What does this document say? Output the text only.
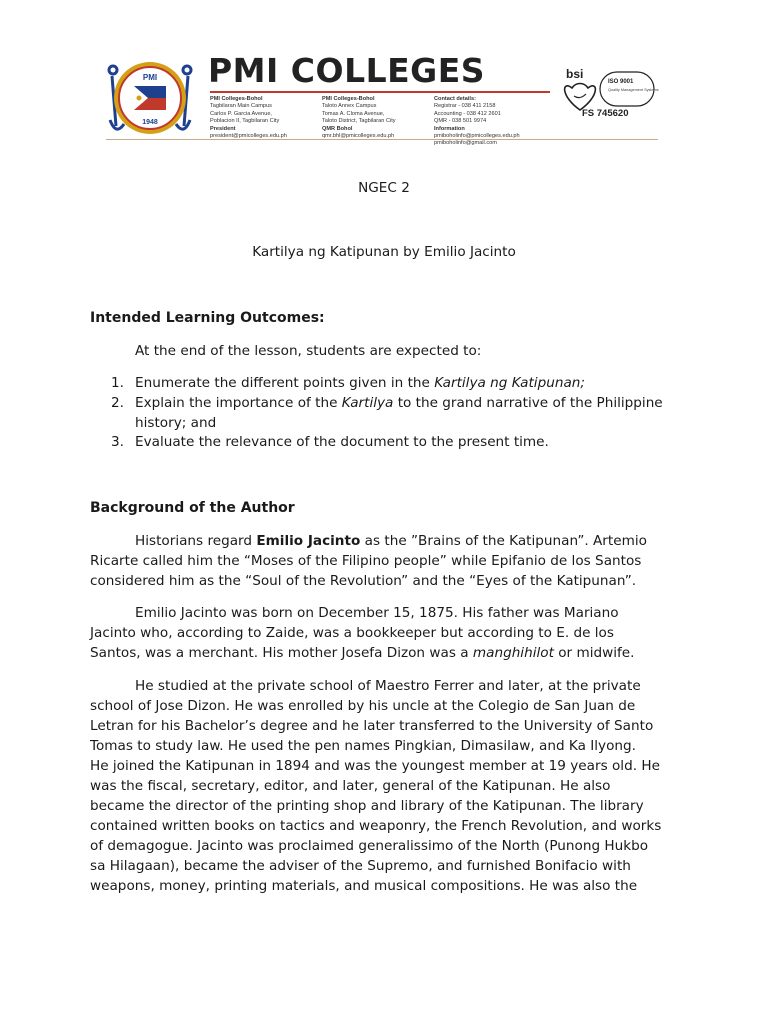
PMI
1948
PMI COLLEGES
PMI Colleges-Bohol
Tagbilaran Main Campus
Carlos P. Garcia Avenue,
Poblacion II, Tagbilaran City
President
president@pmicolleges.edu.ph
PMI Colleges-Bohol
Taloto Annex Campus
Tomas A. Cloma Avenue,
Taloto District, Tagbilaran City
QMR Bohol
qmr.bhl@pmicolleges.edu.ph
Contact details:
Registrar - 038 411 2158
Accounting - 038 412 2601
QMR - 038 501 9974
Information
pmiboholinfo@pmicolleges.edu.ph
pmiboholinfo@gmail.com
bsi
ISO 9001
Quality Management Systems
FS 745620
NGEC 2
Kartilya ng Katipunan by Emilio Jacinto
Intended Learning Outcomes:
At the end of the lesson, students are expected to:
1. Enumerate the different points given in the Kartilya ng Katipunan;
2. Explain the importance of the Kartilya to the grand narrative of the Philippine
history; and
3. Evaluate the relevance of the document to the present time.
Background of the Author
Historians regard Emilio Jacinto as the ”Brains of the Katipunan”. Artemio
Ricarte called him the “Moses of the Filipino people” while Epifanio de los Santos
considered him as the “Soul of the Revolution” and the “Eyes of the Katipunan”.
Emilio Jacinto was born on December 15, 1875. His father was Mariano
Jacinto who, according to Zaide, was a bookkeeper but according to E. de los
Santos, was a merchant. His mother Josefa Dizon was a manghihilot or midwife.
He studied at the private school of Maestro Ferrer and later, at the private
school of Jose Dizon. He was enrolled by his uncle at the Colegio de San Juan de
Letran for his Bachelor’s degree and he later transferred to the University of Santo
Tomas to study law. He used the pen names Pingkian, Dimasilaw, and Ka Ilyong.
He joined the Katipunan in 1894 and was the youngest member at 19 years old. He
was the fiscal, secretary, editor, and later, general of the Katipunan. He also
became the director of the printing shop and library of the Katipunan. The library
contained written books on tactics and weaponry, the French Revolution, and works
of demagogue. Jacinto was proclaimed generalissimo of the North (Punong Hukbo
sa Hilagaan), became the adviser of the Supremo, and furnished Bonifacio with
weapons, money, printing materials, and musical compositions. He was also the
